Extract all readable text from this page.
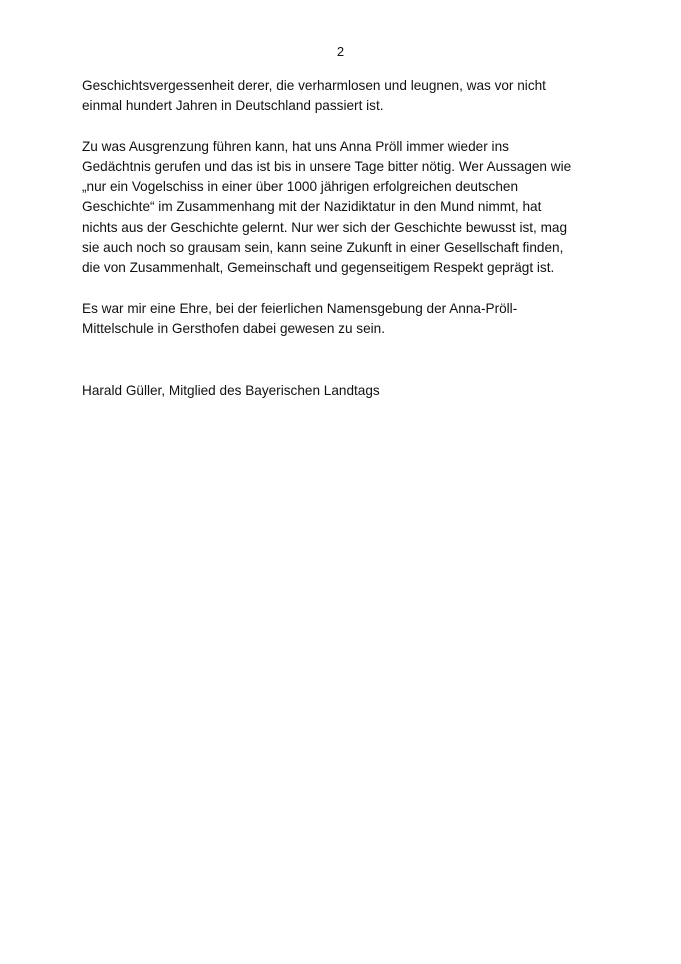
2
Geschichtsvergessenheit derer, die verharmlosen und leugnen, was vor nicht
einmal hundert Jahren in Deutschland passiert ist.
Zu was Ausgrenzung führen kann, hat uns Anna Pröll immer wieder ins
Gedächtnis gerufen und das ist bis in unsere Tage bitter nötig. Wer Aussagen wie
„nur ein Vogelschiss in einer über 1000 jährigen erfolgreichen deutschen
Geschichte“ im Zusammenhang mit der Nazidiktatur in den Mund nimmt, hat
nichts aus der Geschichte gelernt. Nur wer sich der Geschichte bewusst ist, mag
sie auch noch so grausam sein, kann seine Zukunft in einer Gesellschaft finden,
die von Zusammenhalt, Gemeinschaft und gegenseitigem Respekt geprägt ist.
Es war mir eine Ehre, bei der feierlichen Namensgebung der Anna-Pröll-
Mittelschule in Gersthofen dabei gewesen zu sein.
Harald Güller, Mitglied des Bayerischen Landtags
